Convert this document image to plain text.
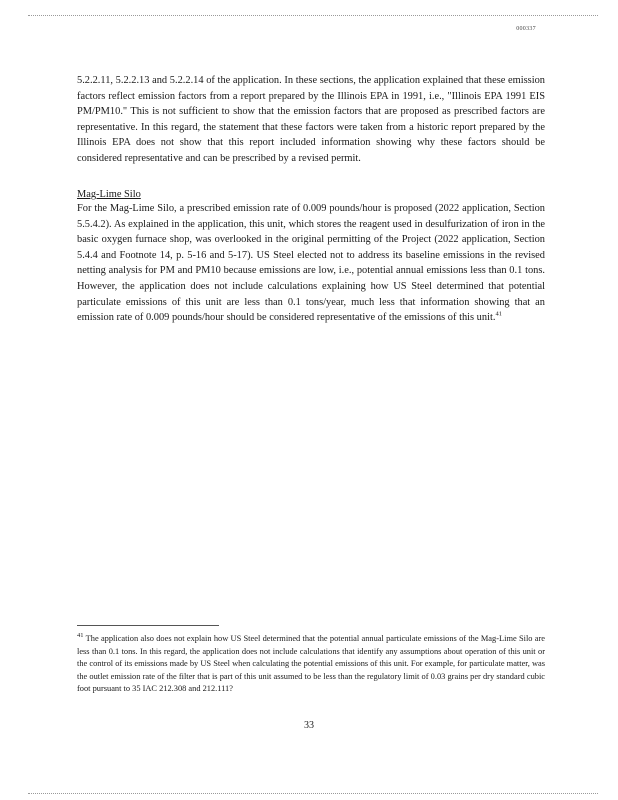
000337

5.2.2.11, 5.2.2.13 and 5.2.2.14 of the application. In these sections, the application explained that these emission factors reflect emission factors from a report prepared by the Illinois EPA in 1991, i.e., "Illinois EPA 1991 EIS PM/PM10." This is not sufficient to show that the emission factors that are proposed as prescribed factors are representative. In this regard, the statement that these factors were taken from a historic report prepared by the Illinois EPA does not show that this report included information showing why these factors should be considered representative and can be prescribed by a revised permit.

Mag-Lime Silo

For the Mag-Lime Silo, a prescribed emission rate of 0.009 pounds/hour is proposed (2022 application, Section 5.5.4.2). As explained in the application, this unit, which stores the reagent used in desulfurization of iron in the basic oxygen furnace shop, was overlooked in the original permitting of the Project (2022 application, Section 5.4.4 and Footnote 14, p. 5-16 and 5-17). US Steel elected not to address its baseline emissions in the revised netting analysis for PM and PM10 because emissions are low, i.e., potential annual emissions less than 0.1 tons. However, the application does not include calculations explaining how US Steel determined that potential particulate emissions of this unit are less than 0.1 tons/year, much less that information showing that an emission rate of 0.009 pounds/hour should be considered representative of the emissions of this unit.$^{41}$

$^{41}$ The application also does not explain how US Steel determined that the potential annual particulate emissions of the Mag-Lime Silo are less than 0.1 tons. In this regard, the application does not include calculations that identify any assumptions about operation of this unit or the control of its emissions made by US Steel when calculating the potential emissions of this unit. For example, for particulate matter, was the outlet emission rate of the filter that is part of this unit assumed to be less than the regulatory limit of 0.03 grains per dry standard cubic foot pursuant to 35 IAC 212.308 and 212.111?

33
